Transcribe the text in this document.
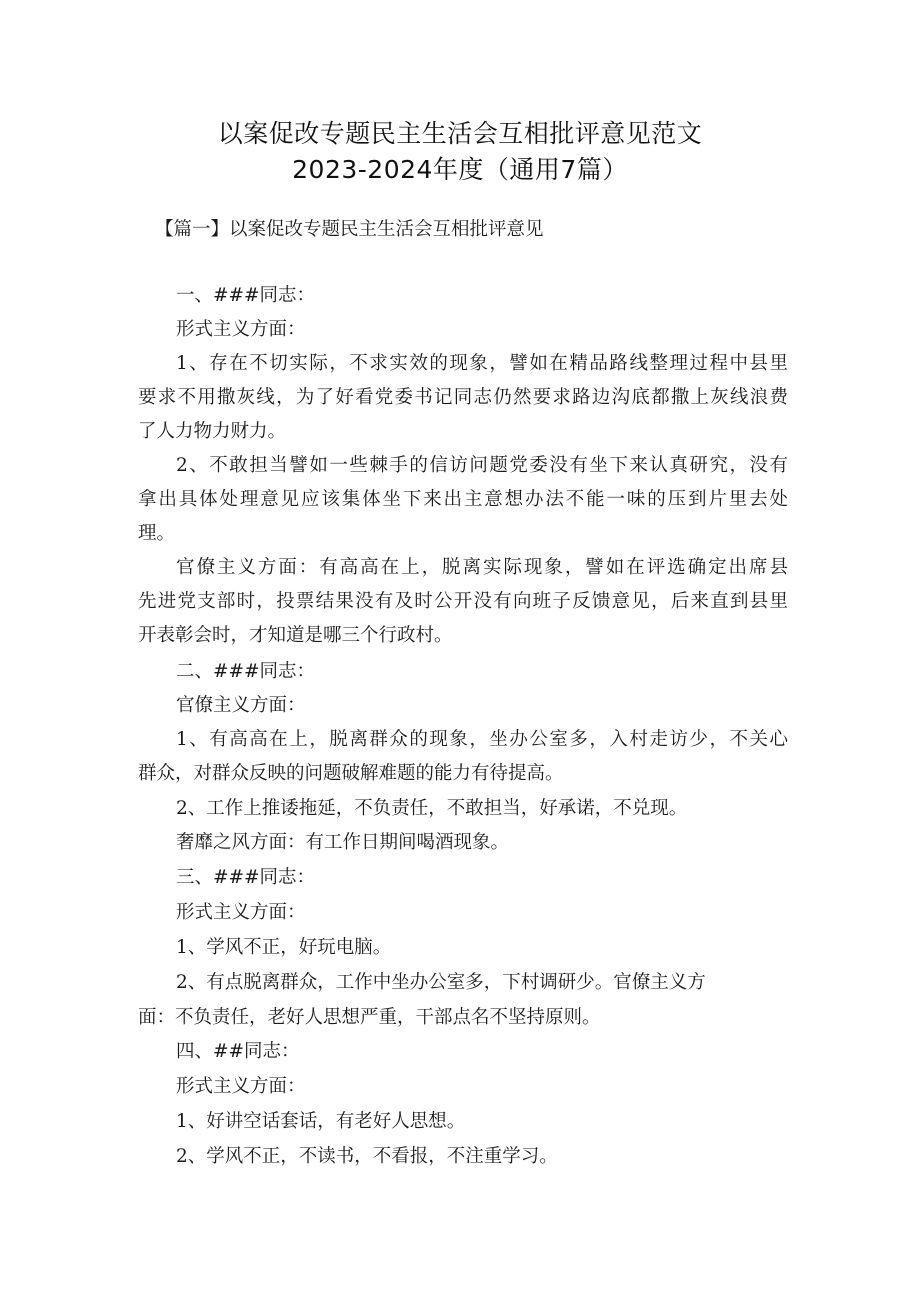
以案促改专题民主生活会互相批评意见范文
2023-2024年度（通用7篇）
【篇一】以案促改专题民主生活会互相批评意见
一、###同志：
形式主义方面：
1、存在不切实际，不求实效的现象，譬如在精品路线整理过程中县里
要求不用撒灰线，为了好看党委书记同志仍然要求路边沟底都撒上灰线浪费
了人力物力财力。
2、不敢担当譬如一些棘手的信访问题党委没有坐下来认真研究，没有
拿出具体处理意见应该集体坐下来出主意想办法不能一味的压到片里去处
理。
官僚主义方面：有高高在上，脱离实际现象，譬如在评选确定出席县
先进党支部时，投票结果没有及时公开没有向班子反馈意见，后来直到县里
开表彰会时，才知道是哪三个行政村。
二、###同志：
官僚主义方面：
1、有高高在上，脱离群众的现象，坐办公室多，入村走访少，不关心
群众，对群众反映的问题破解难题的能力有待提高。
2、工作上推诿拖延，不负责任，不敢担当，好承诺，不兑现。
奢靡之风方面：有工作日期间喝酒现象。
三、###同志：
形式主义方面：
1、学风不正，好玩电脑。
2、有点脱离群众，工作中坐办公室多，下村调研少。官僚主义方
面：不负责任，老好人思想严重，干部点名不坚持原则。
四、##同志：
形式主义方面：
1、好讲空话套话，有老好人思想。
2、学风不正，不读书，不看报，不注重学习。
